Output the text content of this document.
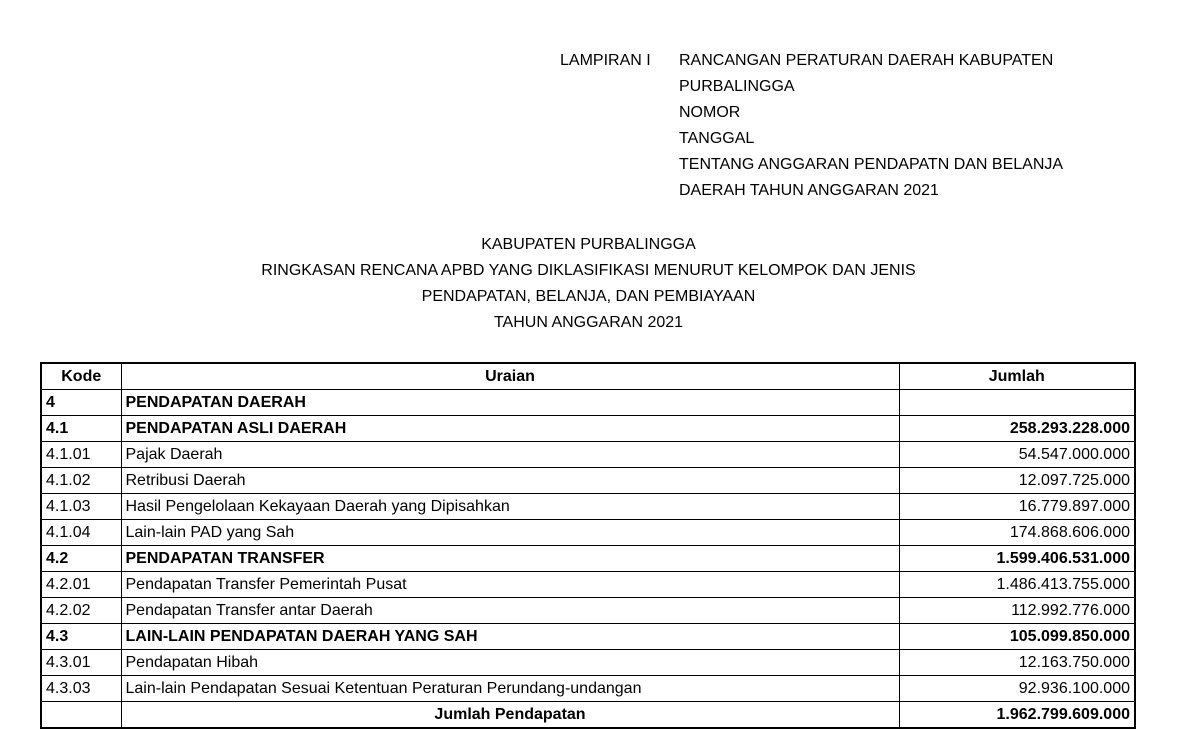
LAMPIRAN I RANCANGAN PERATURAN DAERAH KABUPATEN
PURBALINGGA
NOMOR
TANGGAL
TENTANG ANGGARAN PENDAPATN DAN BELANJA
DAERAH TAHUN ANGGARAN 2021
KABUPATEN PURBALINGGA
RINGKASAN RENCANA APBD YANG DIKLASIFIKASI MENURUT KELOMPOK DAN JENIS
PENDAPATAN, BELANJA, DAN PEMBIAYAAN
TAHUN ANGGARAN 2021
Kode	Uraian	Jumlah
4	PENDAPATAN DAERAH	
4.1	PENDAPATAN ASLI DAERAH	258.293.228.000
4.1.01	Pajak Daerah	54.547.000.000
4.1.02	Retribusi Daerah	12.097.725.000
4.1.03	Hasil Pengelolaan Kekayaan Daerah yang Dipisahkan	16.779.897.000
4.1.04	Lain-lain PAD yang Sah	174.868.606.000
4.2	PENDAPATAN TRANSFER	1.599.406.531.000
4.2.01	Pendapatan Transfer Pemerintah Pusat	1.486.413.755.000
4.2.02	Pendapatan Transfer antar Daerah	112.992.776.000
4.3	LAIN-LAIN PENDAPATAN DAERAH YANG SAH	105.099.850.000
4.3.01	Pendapatan Hibah	12.163.750.000
4.3.03	Lain-lain Pendapatan Sesuai Ketentuan Peraturan Perundang-undangan	92.936.100.000
	Jumlah Pendapatan	1.962.799.609.000
